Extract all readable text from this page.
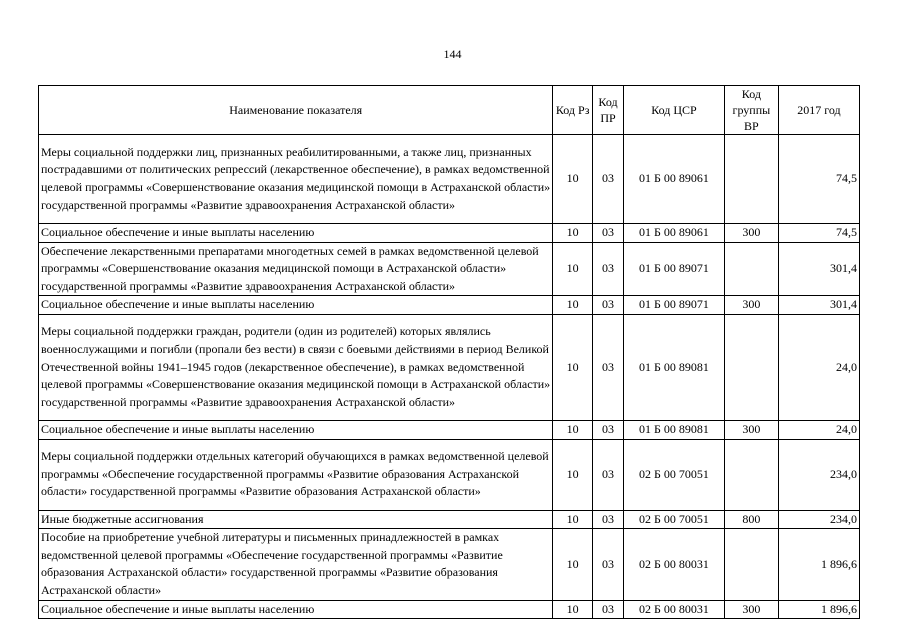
144
Наименование показателя	Код Рз	Код ПР	Код ЦСР	Код группы ВР	2017 год
Меры социальной поддержки лиц, признанных реабилитированными, а также лиц, признанных пострадавшими от политических репрессий (лекарственное обеспечение), в рамках ведомственной целевой программы «Совершенствование оказания медицинской помощи в Астраханской области» государственной программы «Развитие здравоохранения Астраханской области»	10	03	01 Б 00 89061		74,5
Социальное обеспечение и иные выплаты населению	10	03	01 Б 00 89061	300	74,5
Обеспечение лекарственными препаратами многодетных семей в рамках ведомственной целевой программы «Совершенствование оказания медицинской помощи в Астраханской области» государственной программы «Развитие здравоохранения Астраханской области»	10	03	01 Б 00 89071		301,4
Социальное обеспечение и иные выплаты населению	10	03	01 Б 00 89071	300	301,4
Меры социальной поддержки граждан, родители (один из родителей) которых являлись военнослужащими и погибли (пропали без вести) в связи с боевыми действиями в период Великой Отечественной войны 1941–1945 годов (лекарственное обеспечение), в рамках ведомственной целевой программы «Совершенствование оказания медицинской помощи в Астраханской области» государственной программы «Развитие здравоохранения Астраханской области»	10	03	01 Б 00 89081		24,0
Социальное обеспечение и иные выплаты населению	10	03	01 Б 00 89081	300	24,0
Меры социальной поддержки отдельных категорий обучающихся в рамках ведомственной целевой программы «Обеспечение государственной программы «Развитие образования Астраханской области» государственной программы «Развитие образования Астраханской области»	10	03	02 Б 00 70051		234,0
Иные бюджетные ассигнования	10	03	02 Б 00 70051	800	234,0
Пособие на приобретение учебной литературы и письменных принадлежностей в рамках ведомственной целевой программы «Обеспечение государственной программы «Развитие образования Астраханской области» государственной программы «Развитие образования Астраханской области»	10	03	02 Б 00 80031		1 896,6
Социальное обеспечение и иные выплаты населению	10	03	02 Б 00 80031	300	1 896,6
